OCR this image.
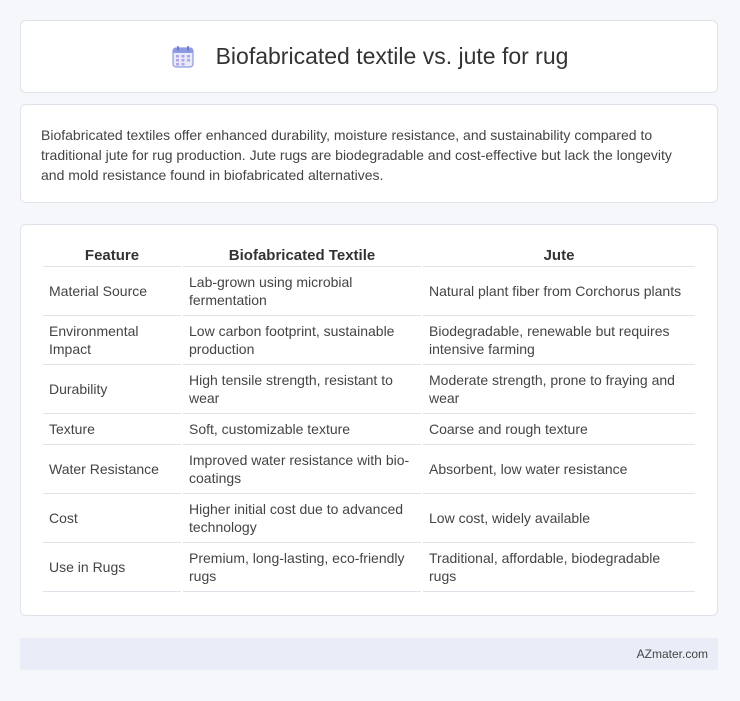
Biofabricated textile vs. jute for rug
Biofabricated textiles offer enhanced durability, moisture resistance, and sustainability compared to traditional jute for rug production. Jute rugs are biodegradable and cost-effective but lack the longevity and mold resistance found in biofabricated alternatives.
Feature	Biofabricated Textile	Jute
Material Source	Lab-grown using microbial fermentation	Natural plant fiber from Corchorus plants
Environmental Impact	Low carbon footprint, sustainable production	Biodegradable, renewable but requires intensive farming
Durability	High tensile strength, resistant to wear	Moderate strength, prone to fraying and wear
Texture	Soft, customizable texture	Coarse and rough texture
Water Resistance	Improved water resistance with bio-coatings	Absorbent, low water resistance
Cost	Higher initial cost due to advanced technology	Low cost, widely available
Use in Rugs	Premium, long-lasting, eco-friendly rugs	Traditional, affordable, biodegradable rugs
AZmater.com
